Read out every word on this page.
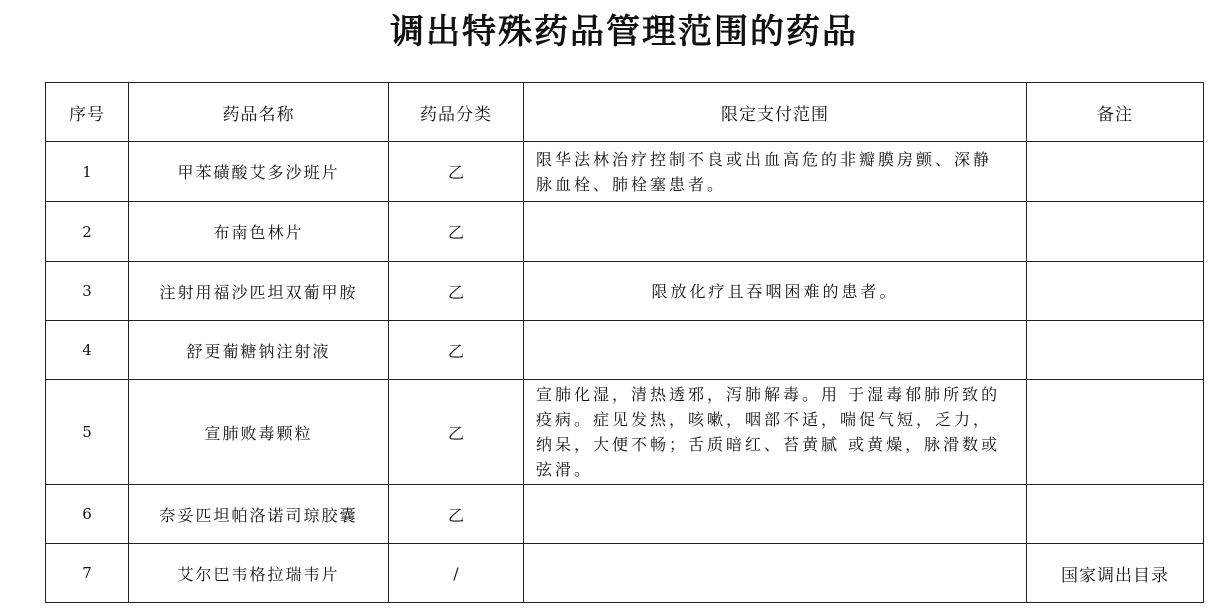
调出特殊药品管理范围的药品
序号	药品名称	药品分类	限定支付范围	备注
1	甲苯磺酸艾多沙班片	乙	限华法林治疗控制不良或出血高危的非瓣膜房颤、深静
脉血栓、肺栓塞患者。	

2	布南色林片	乙		
3	注射用福沙匹坦双葡甲胺	乙	限放化疗且吞咽困难的患者。	

4	舒更葡糖钠注射液	乙		
5	宣肺败毒颗粒	乙	宣肺化湿，清热透邪，泻肺解毒。用 于湿毒郁肺所致的
疫病。症见发热，咳嗽，咽部不适，喘促气短，乏力，
纳呆，大便不畅；舌质暗红、苔黄腻 或黄燥，脉滑数或
弦滑。	

6	奈妥匹坦帕洛诺司琼胶囊	乙		
7	艾尔巴韦格拉瑞韦片	/		国家调出目录
